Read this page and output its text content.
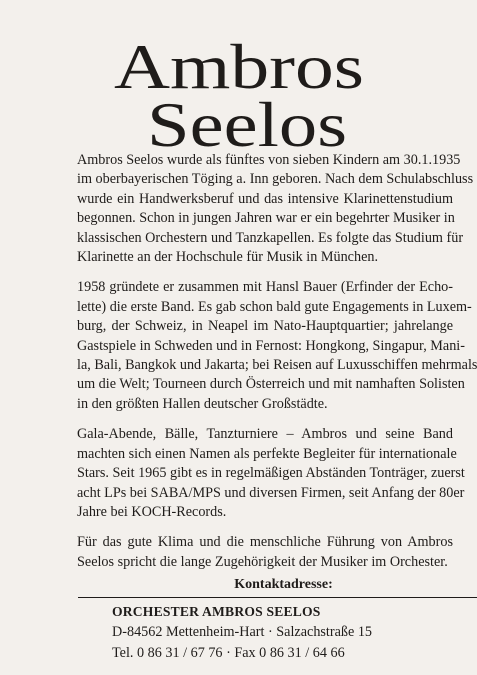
Ambros
Seelos
Ambros Seelos wurde als fünftes von sieben Kindern am 30.1.1935
im oberbayerischen Töging a. Inn geboren. Nach dem Schulabschluss
wurde ein Handwerksberuf und das intensive Klarinettenstudium
begonnen. Schon in jungen Jahren war er ein begehrter Musiker in
klassischen Orchestern und Tanzkapellen. Es folgte das Studium für
Klarinette an der Hochschule für Musik in München.
1958 gründete er zusammen mit Hansl Bauer (Erfinder der Echo-
lette) die erste Band. Es gab schon bald gute Engagements in Luxem-
burg, der Schweiz, in Neapel im Nato-Hauptquartier; jahrelange
Gastspiele in Schweden und in Fernost: Hongkong, Singapur, Mani-
la, Bali, Bangkok und Jakarta; bei Reisen auf Luxusschiffen mehrmals
um die Welt; Tourneen durch Österreich und mit namhaften Solisten
in den größten Hallen deutscher Großstädte.
Gala-Abende, Bälle, Tanzturniere – Ambros und seine Band
machten sich einen Namen als perfekte Begleiter für internationale
Stars. Seit 1965 gibt es in regelmäßigen Abständen Tonträger, zuerst
acht LPs bei SABA/MPS und diversen Firmen, seit Anfang der 80er
Jahre bei KOCH-Records.
Für das gute Klima und die menschliche Führung von Ambros
Seelos spricht die lange Zugehörigkeit der Musiker im Orchester.
Kontaktadresse:
ORCHESTER AMBROS SEELOS
D-84562 Mettenheim-Hart · Salzachstraße 15
Tel. 0 86 31 / 67 76 · Fax 0 86 31 / 64 66
